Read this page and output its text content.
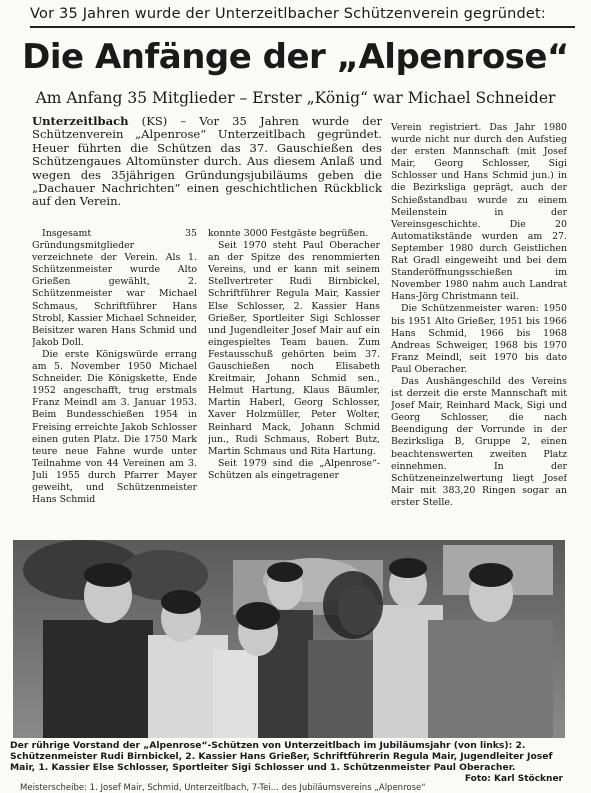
Vor 35 Jahren wurde der Unterzeitlbacher Schützenverein gegründet:
Die Anfänge der „Alpenrose“
Am Anfang 35 Mitglieder – Erster „König“ war Michael Schneider
Unterzeitlbach (KS) – Vor 35 Jahren wurde der Schützenverein „Alpenrose“ Unterzeitlbach gegründet. Heuer führten die Schützen das 37. Gauschießen des Schützengaues Altomünster durch. Aus diesem Anlaß und wegen des 35jährigen Gründungsjubiläums geben die „Dachauer Nachrichten“ einen geschichtlichen Rückblick auf den Verein.

Insgesamt 35 Gründungsmitglieder verzeichnete der Verein. Als 1. Schützenmeister wurde Alto Grießen gewählt, 2. Schützenmeister war Michael Schmaus, Schriftführer Hans Strobl, Kassier Michael Schneider, Beisitzer waren Hans Schmid und Jakob Doll.

Die erste Königswürde errang am 5. November 1950 Michael Schneider. Die Königskette, Ende 1952 angeschafft, trug erstmals Franz Meindl am 3. Januar 1953. Beim Bundesschießen 1954 in Freising erreichte Jakob Schlosser einen guten Platz. Die 1750 Mark teure neue Fahne wurde unter Teilnahme von 44 Vereinen am 3. Juli 1955 durch Pfarrer Mayer geweiht, und Schützenmeister Hans Schmid

konnte 3000 Festgäste begrüßen.

Seit 1970 steht Paul Oberacher an der Spitze des renommierten Vereins, und er kann mit seinem Stellvertreter Rudi Birnbickel, Schriftführer Regula Mair, Kassier Else Schlosser, 2. Kassier Hans Grießer, Sportleiter Sigi Schlosser und Jugendleiter Josef Mair auf ein eingespieltes Team bauen. Zum Festausschuß gehörten beim 37. Gauschießen noch Elisabeth Kreitmair, Johann Schmid sen., Helmut Hartung, Klaus Bäumler, Martin Haberl, Georg Schlosser, Xaver Holzmüller, Peter Wolter, Reinhard Mack, Johann Schmid jun., Rudi Schmaus, Robert Butz, Martin Schmaus und Rita Hartung.

Seit 1979 sind die „Alpenrose“-Schützen als eingetragener

Verein registriert. Das Jahr 1980 wurde nicht nur durch den Aufstieg der ersten Mannschaft (mit Josef Mair, Georg Schlosser, Sigi Schlosser und Hans Schmid jun.) in die Bezirksliga geprägt, auch der Schießstandbau wurde zu einem Meilenstein in der Vereinsgeschichte. Die 20 Automatikstände wurden am 27. September 1980 durch Geistlichen Rat Gradl eingeweiht und bei dem Standeröffnungsschießen im November 1980 nahm auch Landrat Hans-Jörg Christmann teil.

Die Schützenmeister waren: 1950 bis 1951 Alto Grießer, 1951 bis 1966 Hans Schmid, 1966 bis 1968 Andreas Schweiger, 1968 bis 1970 Franz Meindl, seit 1970 bis dato Paul Oberacher.

Das Aushängeschild des Vereins ist derzeit die erste Mannschaft mit Josef Mair, Reinhard Mack, Sigi und Georg Schlosser, die nach Beendigung der Vorrunde in der Bezirksliga B, Gruppe 2, einen beachtenswerten zweiten Platz einnehmen. In der Schützeneinzelwertung liegt Josef Mair mit 383,20 Ringen sogar an erster Stelle.

Der rührige Vorstand der „Alpenrose“-Schützen von Unterzeitlbach im Jubiläumsjahr (von links): 2. Schützenmeister Rudi Birnbickel, 2. Kassier Hans Grießer, Schriftführerin Regula Mair, Jugendleiter Josef Mair, 1. Kassier Else Schlosser, Sportleiter Sigi Schlosser und 1. Schützenmeister Paul Oberacher.
Foto: Karl Stöckner
Meisterscheibe: 1. Josef Mair, Schmid, Unterzeitlbach, 7-Tei... des Jubiläumsvereins „Alpenrose“
